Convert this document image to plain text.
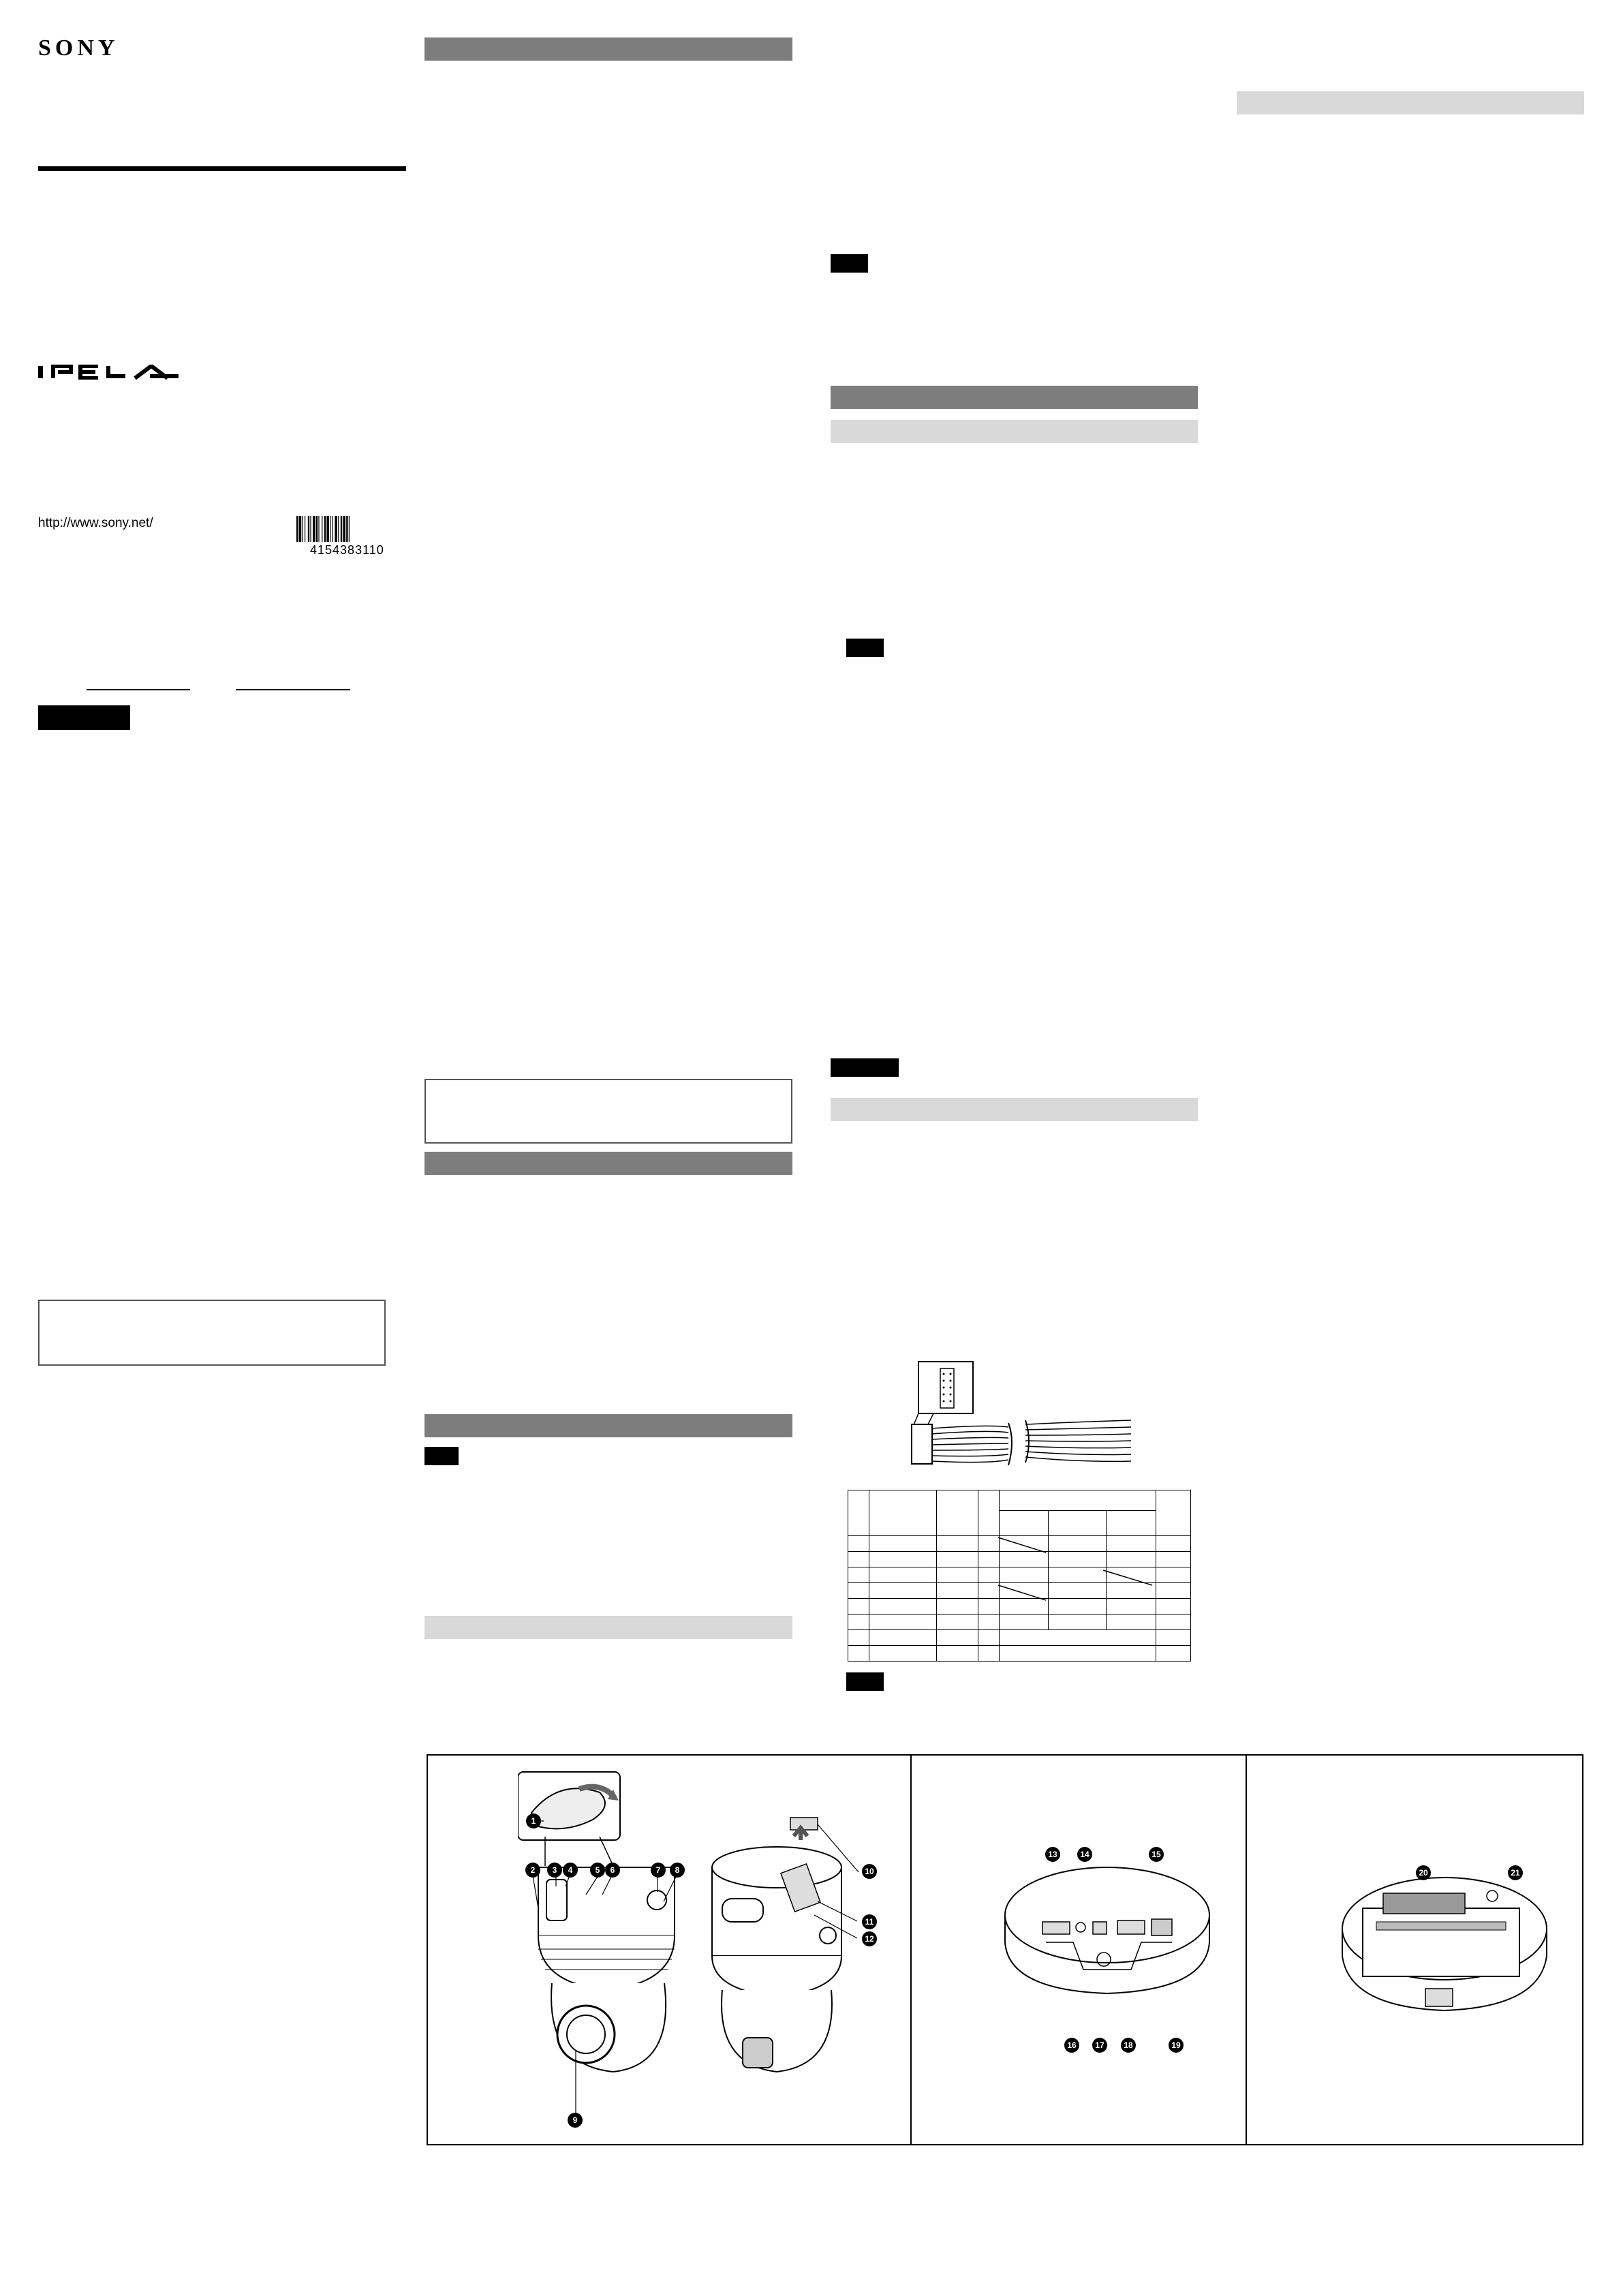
SONY
http://www.sony.net/
4154383110

1
2	3	4	5	6	7	8
9
10
11
12
13	14	15
16	17	18	19
20	21
